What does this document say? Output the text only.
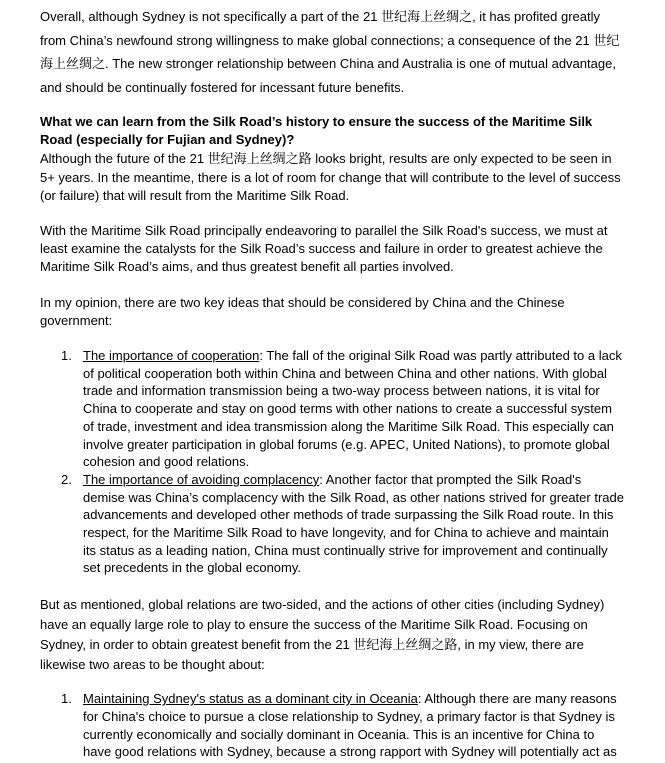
Overall, although Sydney is not specifically a part of the 21 世纪海上丝绸之, it has profited greatly from China’s newfound strong willingness to make global connections; a consequence of the 21 世纪海上丝绸之. The new stronger relationship between China and Australia is one of mutual advantage, and should be continually fostered for incessant future benefits.

What we can learn from the Silk Road’s history to ensure the success of the Maritime Silk Road (especially for Fujian and Sydney)?

Although the future of the 21 世纪海上丝绸之路 looks bright, results are only expected to be seen in 5+ years. In the meantime, there is a lot of room for change that will contribute to the level of success (or failure) that will result from the Maritime Silk Road.

With the Maritime Silk Road principally endeavoring to parallel the Silk Road's success, we must at least examine the catalysts for the Silk Road’s success and failure in order to greatest achieve the Maritime Silk Road’s aims, and thus greatest benefit all parties involved.

In my opinion, there are two key ideas that should be considered by China and the Chinese government:

1. The importance of cooperation: The fall of the original Silk Road was partly attributed to a lack of political cooperation both within China and between China and other nations. With global trade and information transmission being a two-way process between nations, it is vital for China to cooperate and stay on good terms with other nations to create a successful system of trade, investment and idea transmission along the Maritime Silk Road. This especially can involve greater participation in global forums (e.g. APEC, United Nations), to promote global cohesion and good relations.
2. The importance of avoiding complacency: Another factor that prompted the Silk Road's demise was China’s complacency with the Silk Road, as other nations strived for greater trade advancements and developed other methods of trade surpassing the Silk Road route. In this respect, for the Maritime Silk Road to have longevity, and for China to achieve and maintain its status as a leading nation, China must continually strive for improvement and continually set precedents in the global economy.

But as mentioned, global relations are two-sided, and the actions of other cities (including Sydney) have an equally large role to play to ensure the success of the Maritime Silk Road. Focusing on Sydney, in order to obtain greatest benefit from the 21 世纪海上丝绸之路, in my view, there are likewise two areas to be thought about:

1. Maintaining Sydney's status as a dominant city in Oceania: Although there are many reasons for China's choice to pursue a close relationship to Sydney, a primary factor is that Sydney is currently economically and socially dominant in Oceania. This is an incentive for China to have good relations with Sydney, because a strong rapport with Sydney will potentially act as
